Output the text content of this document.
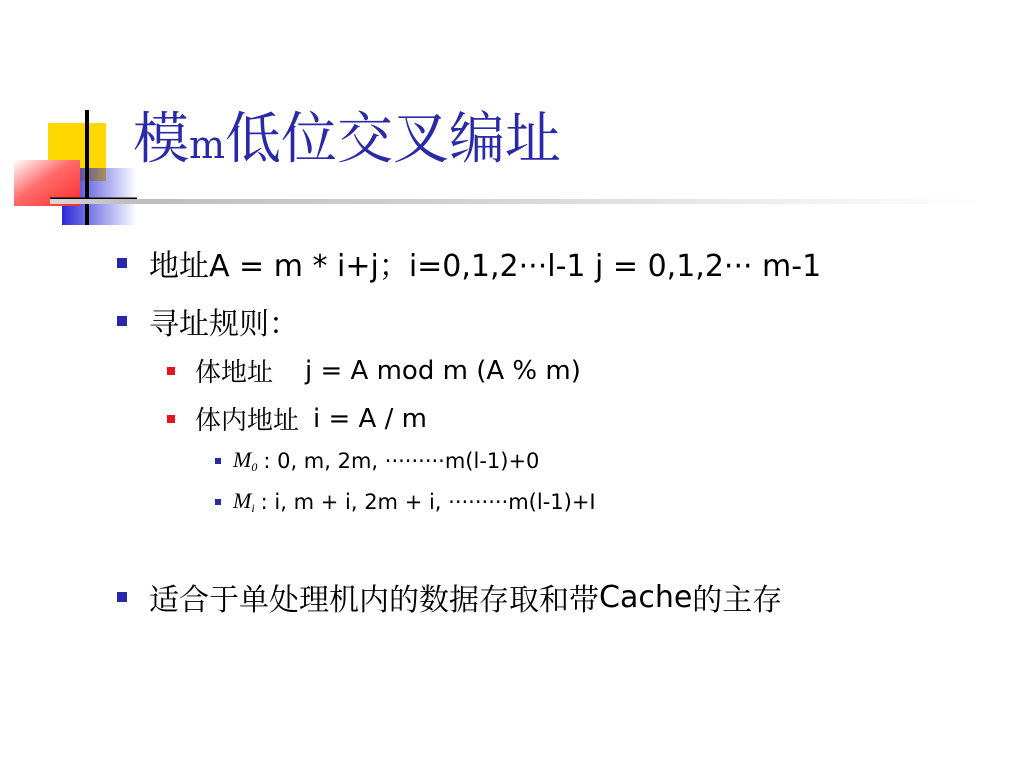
模m低位交叉编址
地址 A = m * i+j；i=0,1,2···l-1 j = 0,1,2··· m-1
寻址规则：
体地址 j = A mod m (A % m)
体内地址 i = A / m
$M_0$ : 0, m, 2m, ·········m(l-1)+0
$M_i$ : i, m + i, 2m + i, ·········m(l-1)+I
适合于单处理机内的数据存取和带 Cache 的主存
